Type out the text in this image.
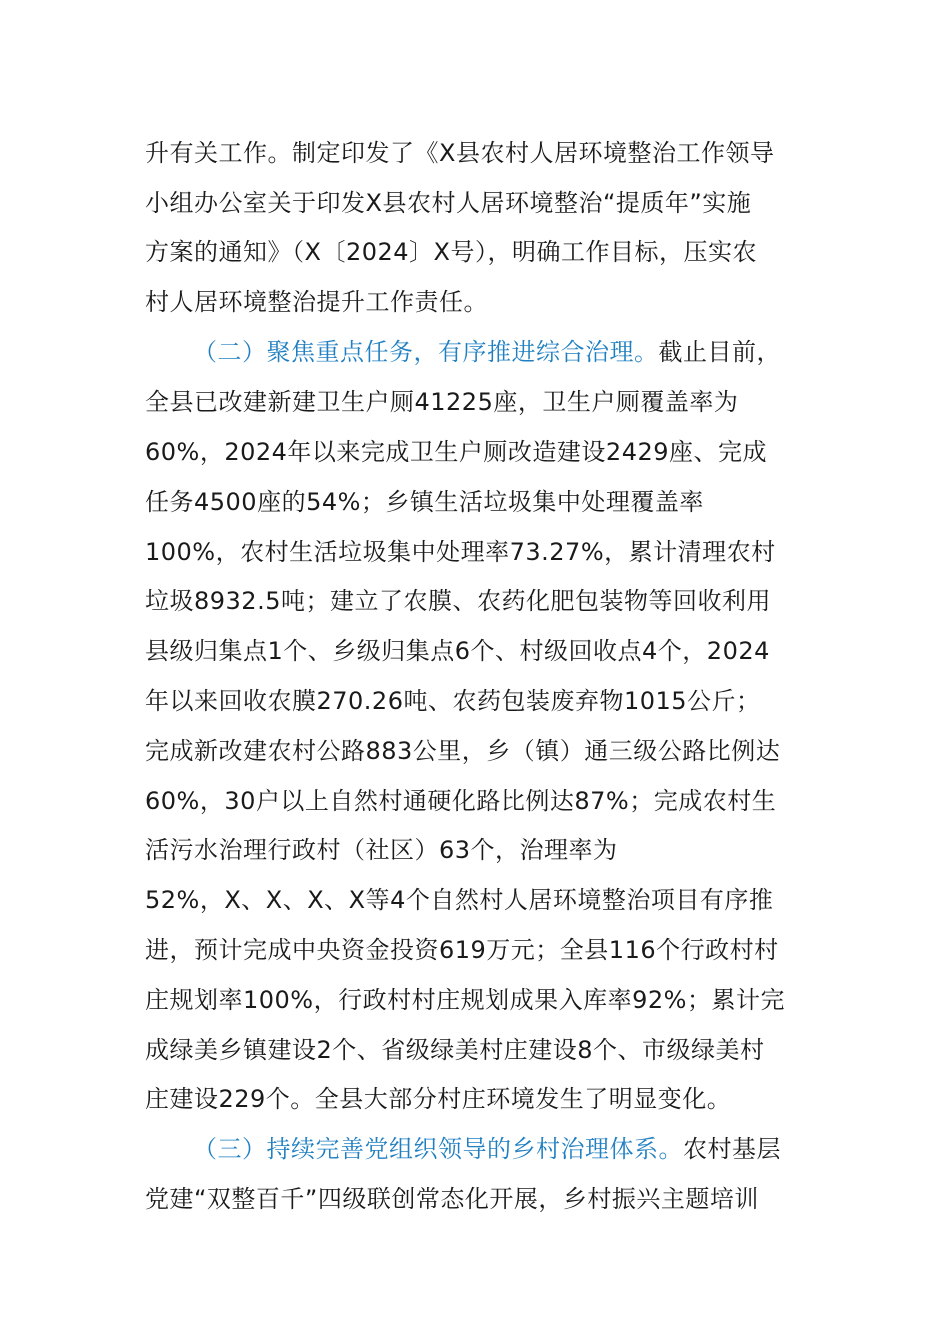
升有关工作。制定印发了《X县农村人居环境整治工作领导
小组办公室关于印发X县农村人居环境整治“提质年”实施
方案的通知》（X〔2024〕X号），明确工作目标，压实农
村人居环境整治提升工作责任。
（二）聚焦重点任务，有序推进综合治理。截止目前，
全县已改建新建卫生户厕41225座，卫生户厕覆盖率为
60%，2024年以来完成卫生户厕改造建设2429座、完成
任务4500座的54%；乡镇生活垃圾集中处理覆盖率
100%，农村生活垃圾集中处理率73.27%，累计清理农村
垃圾8932.5吨；建立了农膜、农药化肥包装物等回收利用
县级归集点1个、乡级归集点6个、村级回收点4个，2024
年以来回收农膜270.26吨、农药包装废弃物1015公斤；
完成新改建农村公路883公里，乡（镇）通三级公路比例达
60%，30户以上自然村通硬化路比例达87%；完成农村生
活污水治理行政村（社区）63个，治理率为
52%，X、X、X、X等4个自然村人居环境整治项目有序推
进，预计完成中央资金投资619万元；全县116个行政村村
庄规划率100%，行政村村庄规划成果入库率92%；累计完
成绿美乡镇建设2个、省级绿美村庄建设8个、市级绿美村
庄建设229个。全县大部分村庄环境发生了明显变化。
（三）持续完善党组织领导的乡村治理体系。农村基层
党建“双整百千”四级联创常态化开展，乡村振兴主题培训
